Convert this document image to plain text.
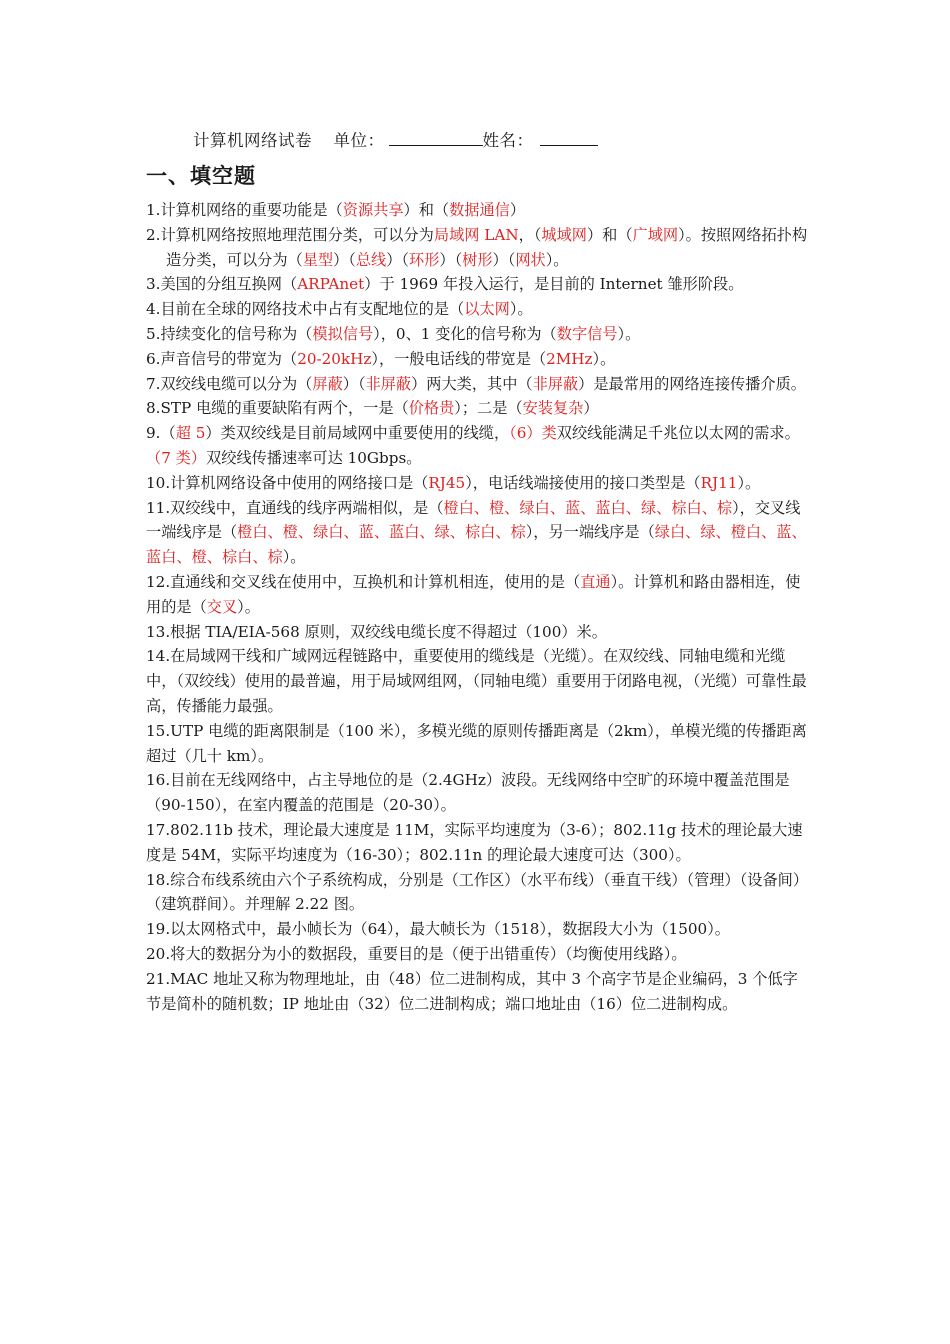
计算机网络试卷 单位：	姓名：
一、填空题

1.计算机网络的重要功能是（资源共享）和（数据通信）

2.计算机网络按照地理范围分类，可以分为局域网 LAN，（城域网）和（广域网）。按照网络拓扑构造分类，可以分为（星型）（总线）（环形）（树形）（网状）。

3.美国的分组互换网（ARPAnet）于 1969 年投入运行，是目前的 Internet 雏形阶段。

4.目前在全球的网络技术中占有支配地位的是（以太网）。

5.持续变化的信号称为（模拟信号），0、1 变化的信号称为（数字信号）。

6.声音信号的带宽为（20-20kHz），一般电话线的带宽是（2MHz）。

7.双绞线电缆可以分为（屏蔽）（非屏蔽）两大类，其中（非屏蔽）是最常用的网络连接传播介质。

8.STP 电缆的重要缺陷有两个，一是（价格贵）；二是（安装复杂）

9.（超 5）类双绞线是目前局域网中重要使用的线缆，（6）类双绞线能满足千兆位以太网的需求。（7 类）双绞线传播速率可达 10Gbps。

10.计算机网络设备中使用的网络接口是（RJ45），电话线端接使用的接口类型是（RJ11）。

11.双绞线中，直通线的线序两端相似，是（橙白、橙、绿白、蓝、蓝白、绿、棕白、棕），交叉线一端线序是（橙白、橙、绿白、蓝、蓝白、绿、棕白、棕），另一端线序是（绿白、绿、橙白、蓝、蓝白、橙、棕白、棕）。

12.直通线和交叉线在使用中，互换机和计算机相连，使用的是（直通）。计算机和路由器相连，使用的是（交叉）。

13.根据 TIA/EIA-568 原则，双绞线电缆长度不得超过（100）米。

14.在局域网干线和广域网远程链路中，重要使用的缆线是（光缆）。在双绞线、同轴电缆和光缆中，（双绞线）使用的最普遍，用于局域网组网，（同轴电缆）重要用于闭路电视，（光缆）可靠性最高，传播能力最强。

15.UTP 电缆的距离限制是（100 米），多模光缆的原则传播距离是（2km），单模光缆的传播距离超过（几十 km）。

16.目前在无线网络中，占主导地位的是（2.4GHz）波段。无线网络中空旷的环境中覆盖范围是（90-150），在室内覆盖的范围是（20-30）。

17.802.11b 技术，理论最大速度是 11M，实际平均速度为（3-6）；802.11g 技术的理论最大速度是 54M，实际平均速度为（16-30）；802.11n 的理论最大速度可达（300）。

18.综合布线系统由六个子系统构成，分别是（工作区）（水平布线）（垂直干线）（管理）（设备间）（建筑群间）。并理解 2.22 图。

19.以太网格式中，最小帧长为（64），最大帧长为（1518），数据段大小为（1500）。

20.将大的数据分为小的数据段，重要目的是（便于出错重传）（均衡使用线路）。

21.MAC 地址又称为物理地址，由（48）位二进制构成，其中 3 个高字节是企业编码，3 个低字节是简朴的随机数；IP 地址由（32）位二进制构成；端口地址由（16）位二进制构成。
